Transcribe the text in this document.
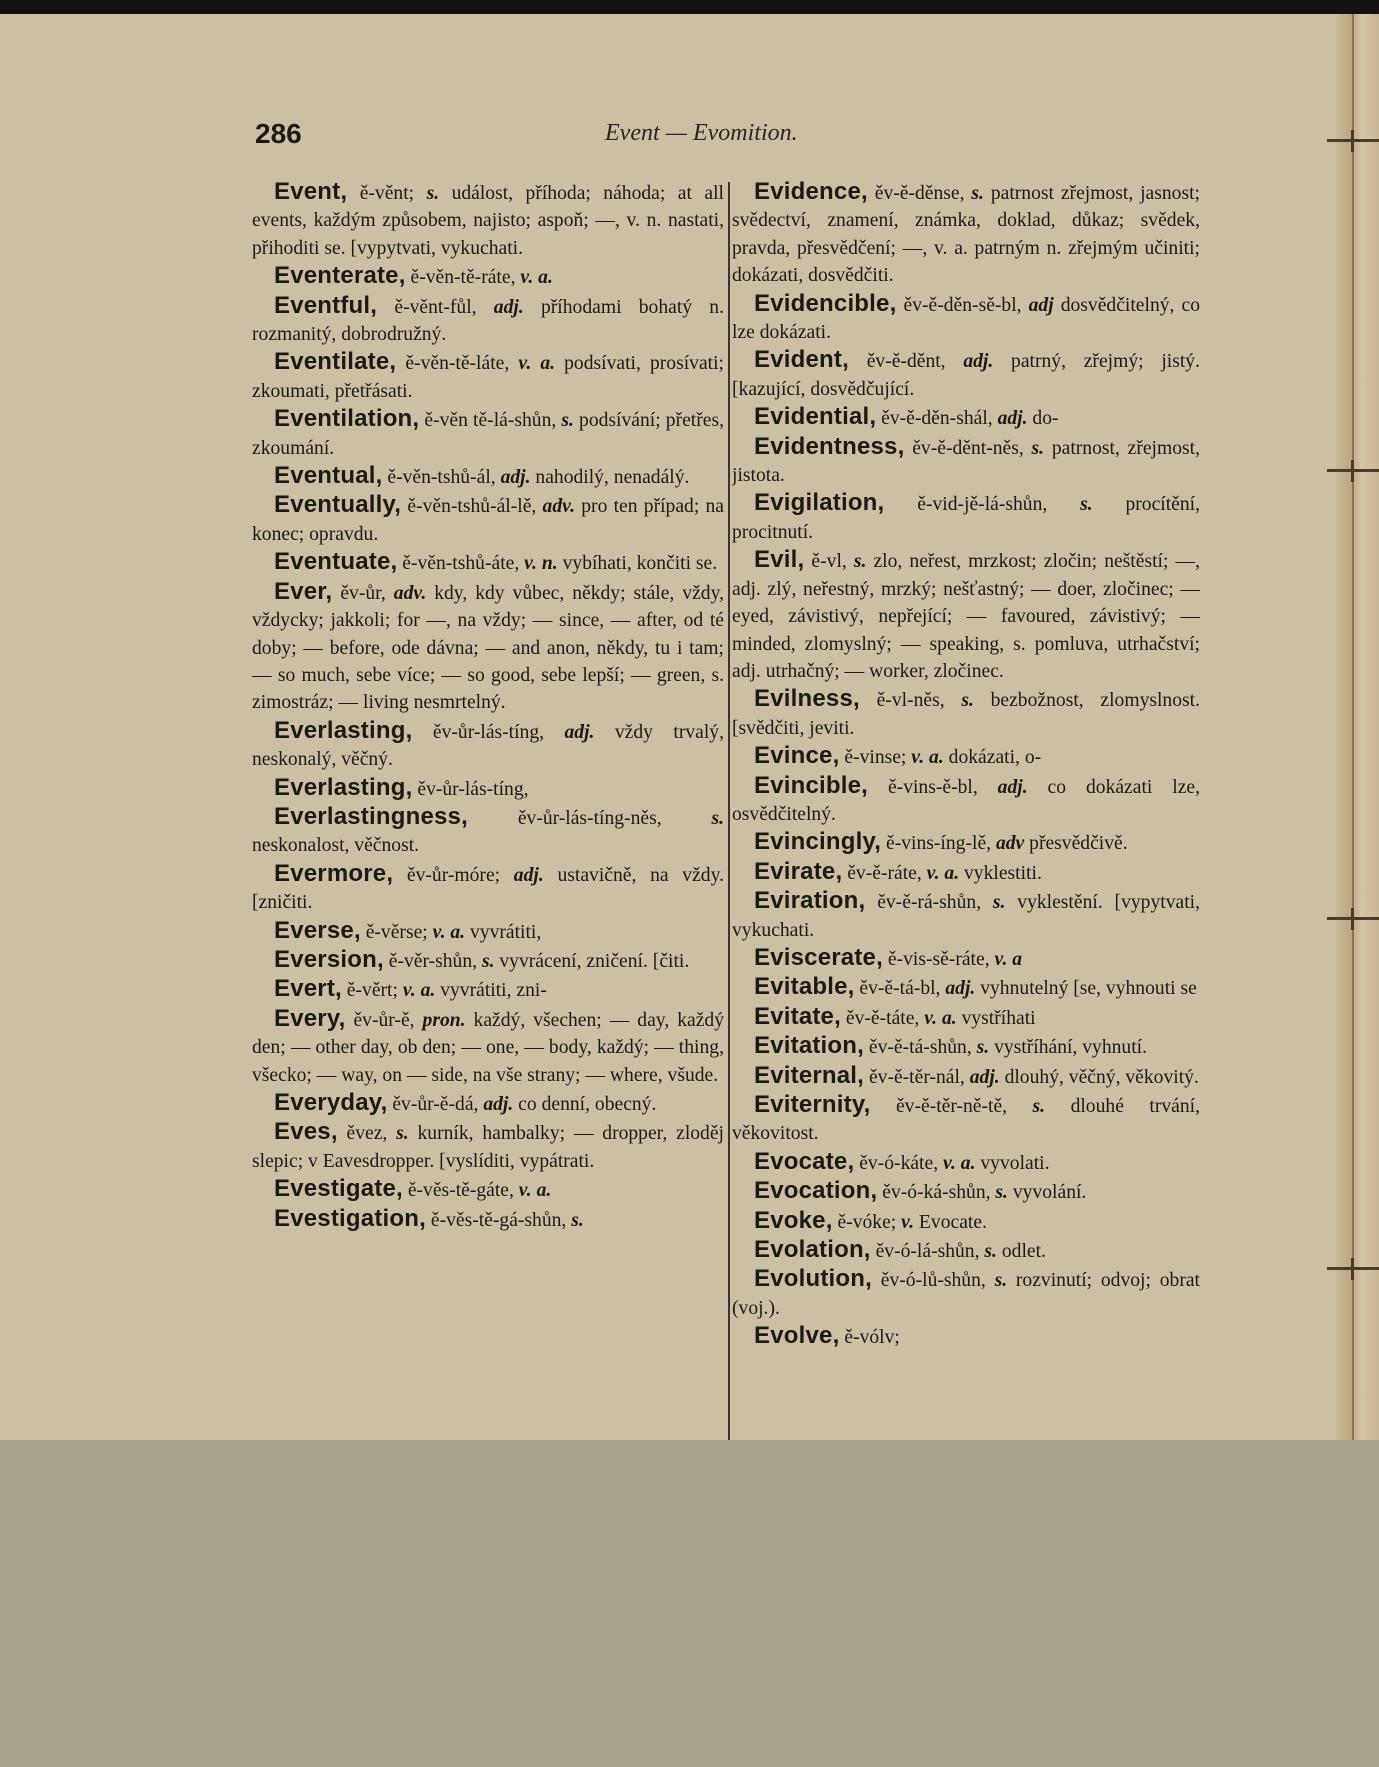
286	Event — Evomition.

Event, ě-věnt; s. událost, příhoda; náhoda; at all events, každým způsobem, najisto; aspoň; —, v. n. nastati, přihoditi se. [vypytvati, vykuchati.

Eventerate, ě-věn-tě-ráte, v. a.

Eventful, ě-věnt-fůl, adj. příhodami bohatý n. rozmanitý, dobrodružný.

Eventilate, ě-věn-tě-láte, v. a. podsívati, prosívati; zkoumati, přetřásati.

Eventilation, ě-věn tě-lá-shůn, s. podsívání; přetřes, zkoumání.

Eventual, ě-věn-tshů-ál, adj. nahodilý, nenadálý.

Eventually, ě-věn-tshů-ál-lě, adv. pro ten případ; na konec; opravdu.

Eventuate, ě-věn-tshů-áte, v. n. vybíhati, končiti se.

Ever, ěv-ůr, adv. kdy, kdy vůbec, někdy; stále, vždy, vždycky; jakkoli; for —, na vždy; — since, — after, od té doby; — before, ode dávna; — and anon, někdy, tu i tam; — so much, sebe více; — so good, sebe lepší; — green, s. zimostráz; — living nesmrtelný.

Everlasting, ěv-ůr-lás-tíng, adj. vždy trvalý, neskonalý, věčný.

Everlasting, ěv-ůr-lás-tíng,

Everlastingness, ěv-ůr-lás-tíng-něs, s. neskonalost, věčnost.

Evermore, ěv-ůr-móre; adj. ustavičně, na vždy. [zničiti.

Everse, ě-věrse; v. a. vyvrátiti,

Eversion, ě-věr-shůn, s. vyvrácení, zničení. [čiti.

Evert, ě-věrt; v. a. vyvrátiti, zni-

Every, ěv-ůr-ě, pron. každý, všechen; — day, každý den; — other day, ob den; — one, — body, každý; — thing, všecko; — way, on — side, na vše strany; — where, všude.

Everyday, ěv-ůr-ě-dá, adj. co denní, obecný.

Eves, ěvez, s. kurník, hambalky; — dropper, zloděj slepic; v Eavesdropper. [vyslíditi, vypátrati.

Evestigate, ě-věs-tě-gáte, v. a.

Evestigation, ě-věs-tě-gá-shůn, s.

Evidence, ěv-ě-děnse, s. patrnost zřejmost, jasnost; svědectví, znamení, známka, doklad, důkaz; svědek, pravda, přesvědčení; —, v. a. patrným n. zřejmým učiniti; dokázati, dosvědčiti.

Evidencible, ěv-ě-děn-sě-bl, adj dosvědčitelný, co lze dokázati.

Evident, ěv-ě-děnt, adj. patrný, zřejmý; jistý. [kazující, dosvědčující.

Evidential, ěv-ě-děn-shál, adj. do-

Evidentness, ěv-ě-děnt-něs, s. patrnost, zřejmost, jistota.

Evigilation, ě-vid-jě-lá-shůn, s. procítění, procitnutí.

Evil, ě-vl, s. zlo, neřest, mrzkost; zločin; neštěstí; —, adj. zlý, neřestný, mrzký; nešťastný; — doer, zločinec; — eyed, závistivý, nepřející; — favoured, závistivý; — minded, zlomyslný; — speaking, s. pomluva, utrhačství; adj. utrhačný; — worker, zločinec.

Evilness, ě-vl-něs, s. bezbožnost, zlomyslnost. [svědčiti, jeviti.

Evince, ě-vinse; v. a. dokázati, o-

Evincible, ě-vins-ě-bl, adj. co dokázati lze, osvědčitelný.

Evincingly, ě-vins-íng-lě, adv přesvědčivě.

Evirate, ěv-ě-ráte, v. a. vyklestiti.

Eviration, ěv-ě-rá-shůn, s. vyklestění. [vypytvati, vykuchati.

Eviscerate, ě-vis-sě-ráte, v. a

Evitable, ěv-ě-tá-bl, adj. vyhnutelný [se, vyhnouti se

Evitate, ěv-ě-táte, v. a. vystříhati

Evitation, ěv-ě-tá-shůn, s. vystříhání, vyhnutí.

Eviternal, ěv-ě-těr-nál, adj. dlouhý, věčný, věkovitý.

Eviternity, ěv-ě-těr-ně-tě, s. dlouhé trvání, věkovitost.

Evocate, ěv-ó-káte, v. a. vyvolati.

Evocation, ěv-ó-ká-shůn, s. vyvolání.

Evoke, ě-vóke; v. Evocate.

Evolation, ěv-ó-lá-shůn, s. odlet.

Evolution, ěv-ó-lů-shůn, s. rozvinutí; odvoj; obrat (voj.).

Evolve, ě-vólv;
